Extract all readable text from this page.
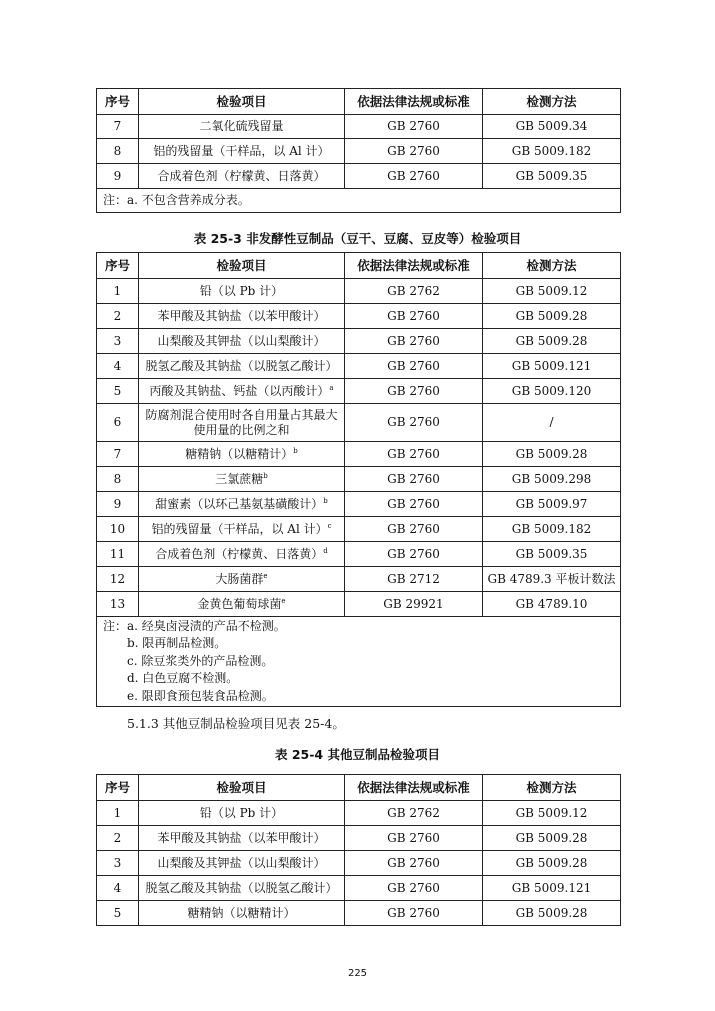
序号	检验项目	依据法律法规或标准	检测方法
7	二氧化硫残留量	GB 2760	GB 5009.34
8	铝的残留量（干样品，以 Al 计）	GB 2760	GB 5009.182
9	合成着色剂（柠檬黄、日落黄）	GB 2760	GB 5009.35

注：a. 不包含营养成分表。			
表 25-3 非发酵性豆制品（豆干、豆腐、豆皮等）检验项目
序号	检验项目	依据法律法规或标准	检测方法
1	铅（以 Pb 计）	GB 2762	GB 5009.12
2	苯甲酸及其钠盐（以苯甲酸计）	GB 2760	GB 5009.28
3	山梨酸及其钾盐（以山梨酸计）	GB 2760	GB 5009.28
4	脱氢乙酸及其钠盐（以脱氢乙酸计）	GB 2760	GB 5009.121
5	丙酸及其钠盐、钙盐（以丙酸计）$^a$	GB 2760	GB 5009.120
6	防腐剂混合使用时各自用量占其最大使用量的比例之和	GB 2760	/
7	糖精钠（以糖精计）$^b$	GB 2760	GB 5009.28
8	三氯蔗糖$^b$	GB 2760	GB 5009.298
9	甜蜜素（以环己基氨基磺酸计）$^b$	GB 2760	GB 5009.97
10	铝的残留量（干样品，以 Al 计）$^c$	GB 2760	GB 5009.182
11	合成着色剂（柠檬黄、日落黄）$^d$	GB 2760	GB 5009.35
12	大肠菌群$^e$	GB 2712	GB 4789.3 平板计数法
13	金黄色葡萄球菌$^e$	GB 29921	GB 4789.10

注：a. 经臭卤浸渍的产品不检测。
b. 限再制品检测。
c. 除豆浆类外的产品检测。
d. 白色豆腐不检测。
e. 限即食预包装食品检测。			
5.1.3 其他豆制品检验项目见表 25-4。
表 25-4 其他豆制品检验项目
序号	检验项目	依据法律法规或标准	检测方法
1	铅（以 Pb 计）	GB 2762	GB 5009.12
2	苯甲酸及其钠盐（以苯甲酸计）	GB 2760	GB 5009.28
3	山梨酸及其钾盐（以山梨酸计）	GB 2760	GB 5009.28
4	脱氢乙酸及其钠盐（以脱氢乙酸计）	GB 2760	GB 5009.121
5	糖精钠（以糖精计）	GB 2760	GB 5009.28
225
